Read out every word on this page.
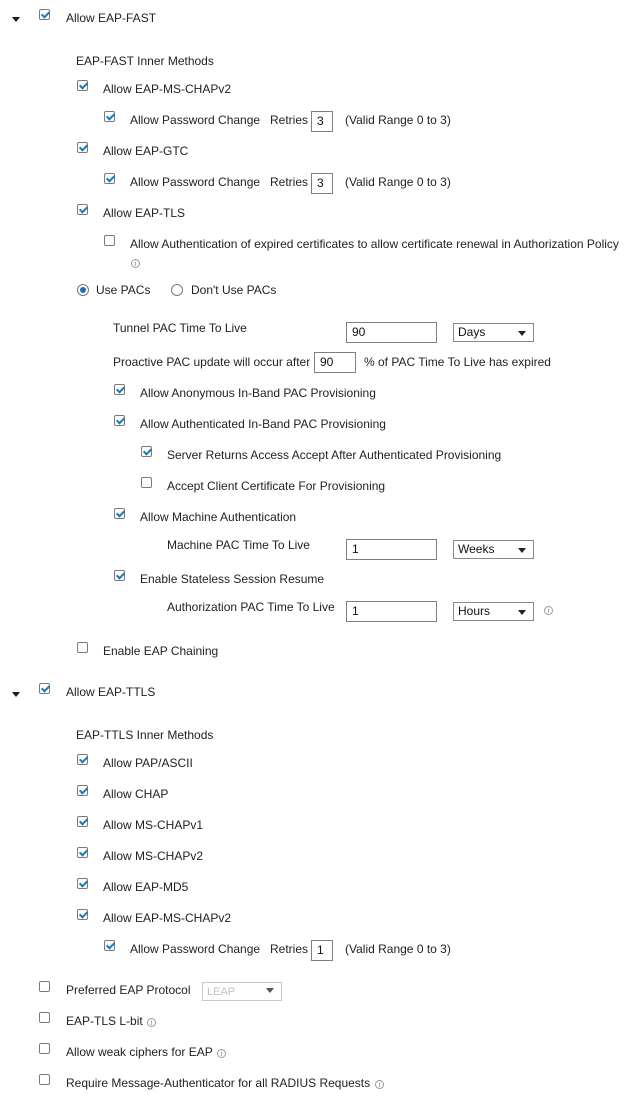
Allow EAP-FAST
EAP-FAST Inner Methods
Allow EAP-MS-CHAPv2
Allow Password Change Retries 3	(Valid Range 0 to 3)
Allow EAP-GTC
Allow Password Change Retries 3	(Valid Range 0 to 3)
Allow EAP-TLS
Allow Authentication of expired certificates to allow certificate renewal in Authorization Policy
i
Use PACs	Don't Use PACs
Tunnel PAC Time To Live	90	Days
Proactive PAC update will occur after 90	% of PAC Time To Live has expired
Allow Anonymous In-Band PAC Provisioning
Allow Authenticated In-Band PAC Provisioning
Server Returns Access Accept After Authenticated Provisioning
Accept Client Certificate For Provisioning
Allow Machine Authentication
Machine PAC Time To Live	1	Weeks
Enable Stateless Session Resume
Authorization PAC Time To Live	1	Hours	i
Enable EAP Chaining
Allow EAP-TTLS
EAP-TTLS Inner Methods
Allow PAP/ASCII
Allow CHAP
Allow MS-CHAPv1
Allow MS-CHAPv2
Allow EAP-MD5
Allow EAP-MS-CHAPv2
Allow Password Change Retries 1	(Valid Range 0 to 3)
Preferred EAP Protocol	LEAP
EAP-TLS L-bit	i
Allow weak ciphers for EAP	i
Require Message-Authenticator for all RADIUS Requests	i
